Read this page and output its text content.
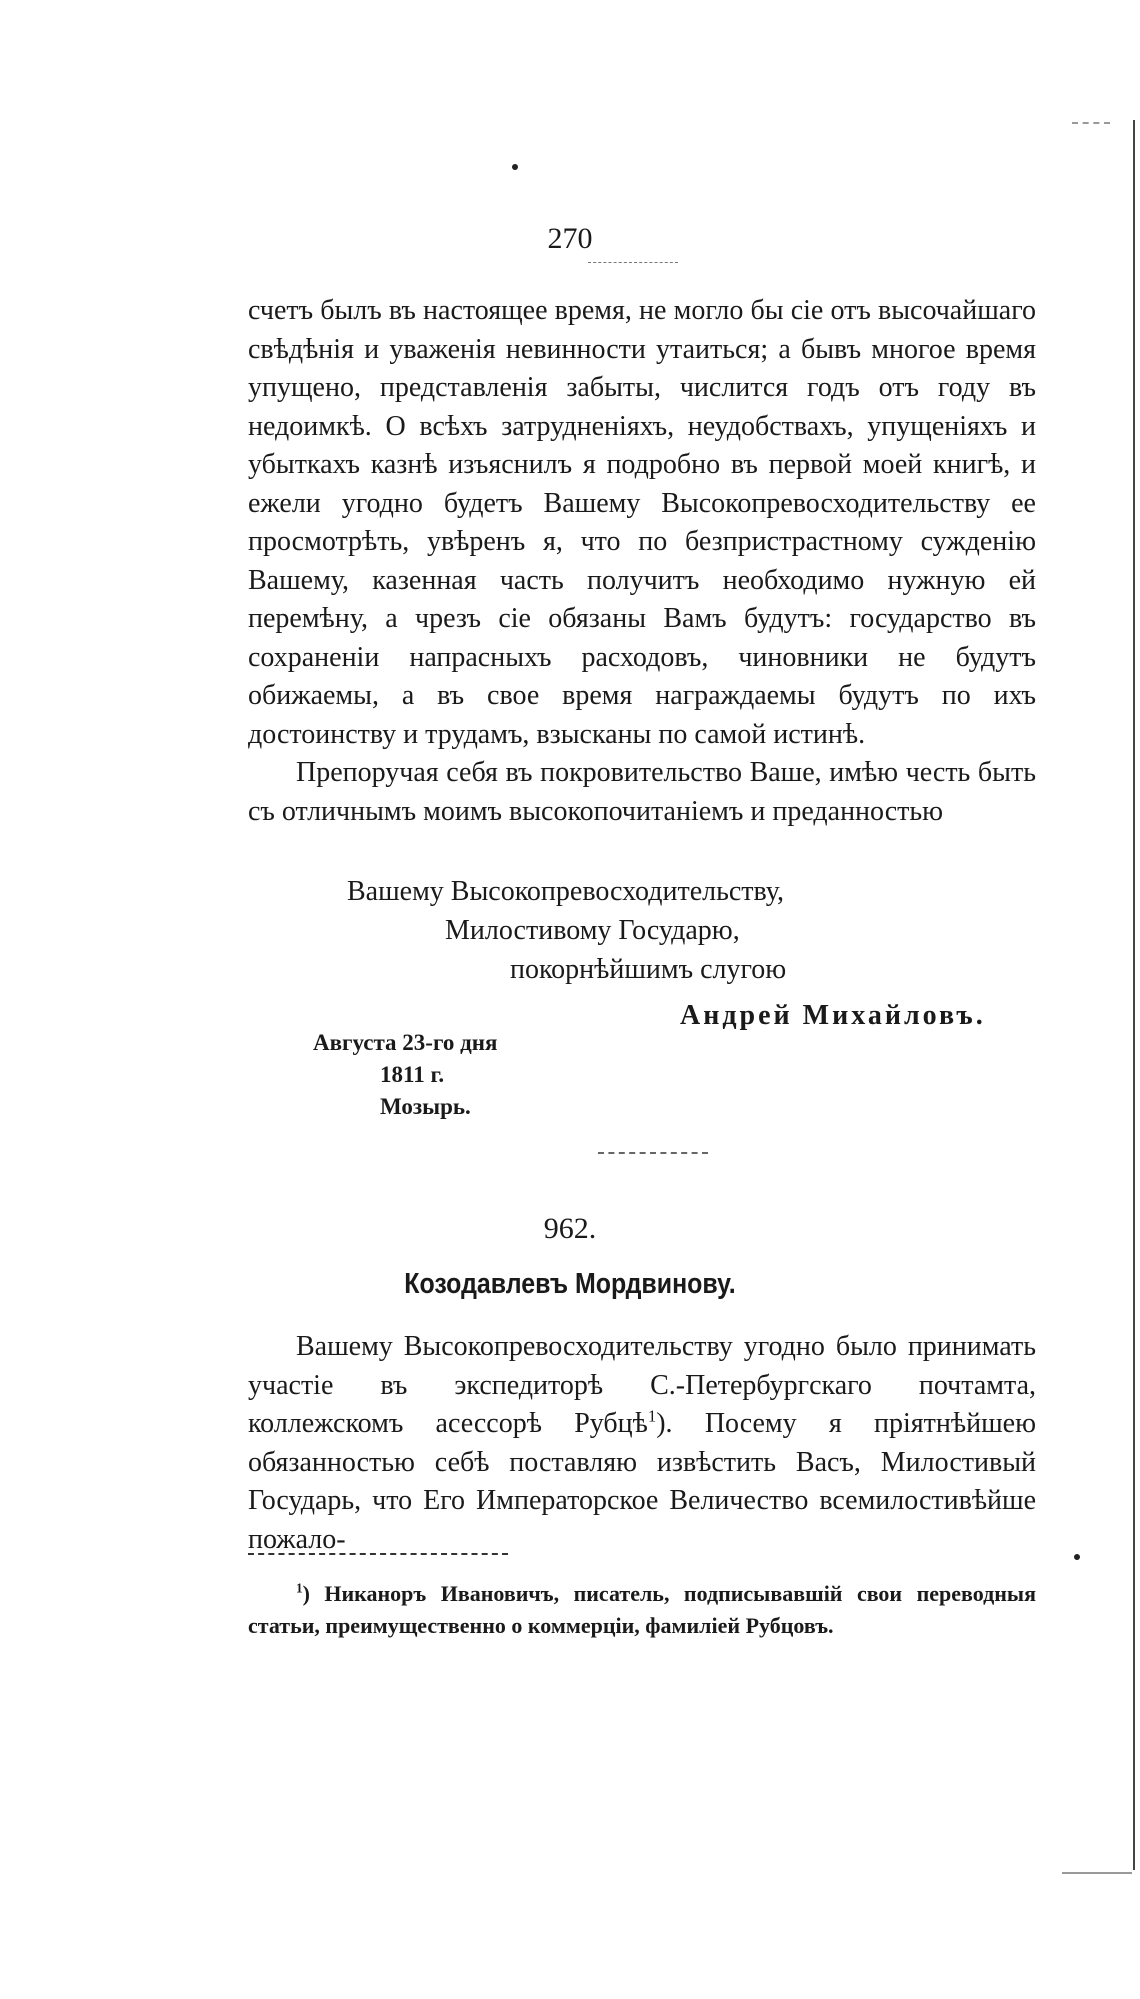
270

счетъ былъ въ настоящее время, не могло бы сіе отъ высочайшаго свѣдѣнія и уваженія невинности утаиться; а бывъ многое время упущено, представленія забыты, числится годъ отъ году въ недоимкѣ. О всѣхъ затрудненіяхъ, неудобствахъ, упущеніяхъ и убыткахъ казнѣ изъяснилъ я подробно въ первой моей книгѣ, и ежели угодно будетъ Вашему Высокопревосходительству ее просмотрѣть, увѣренъ я, что по безпристрастному сужденію Вашему, казенная часть получитъ необходимо нужную ей перемѣну, а чрезъ сіе обязаны Вамъ будутъ: государство въ сохраненіи напрасныхъ расходовъ, чиновники не будутъ обижаемы, а въ свое время награждаемы будутъ по ихъ достоинству и трудамъ, взысканы по самой истинѣ.

Препоручая себя въ покровительство Ваше, имѣю честь быть съ отличнымъ моимъ высокопочитаніемъ и преданностью

Вашему Высокопревосходительству,
Милостивому Государю,
покорнѣйшимъ слугою
Андрей Михайловъ.
Августа 23-го дня
1811 г.
Мозырь.
962.
Козодавлевъ Мордвинову.

Вашему Высокопревосходительству угодно было принимать участіе въ экспедиторѣ С.-Петербургскаго почтамта, коллежскомъ асессорѣ Рубцѣ$^1$). Посему я пріятнѣйшею обязанностью себѣ поставляю извѣстить Васъ, Милостивый Государь, что Его Императорское Величество всемилостивѣйше пожало-

$^1$) Никаноръ Ивановичъ, писатель, подписывавшій свои переводныя статьи, преимущественно о коммерціи, фамиліей Рубцовъ.
